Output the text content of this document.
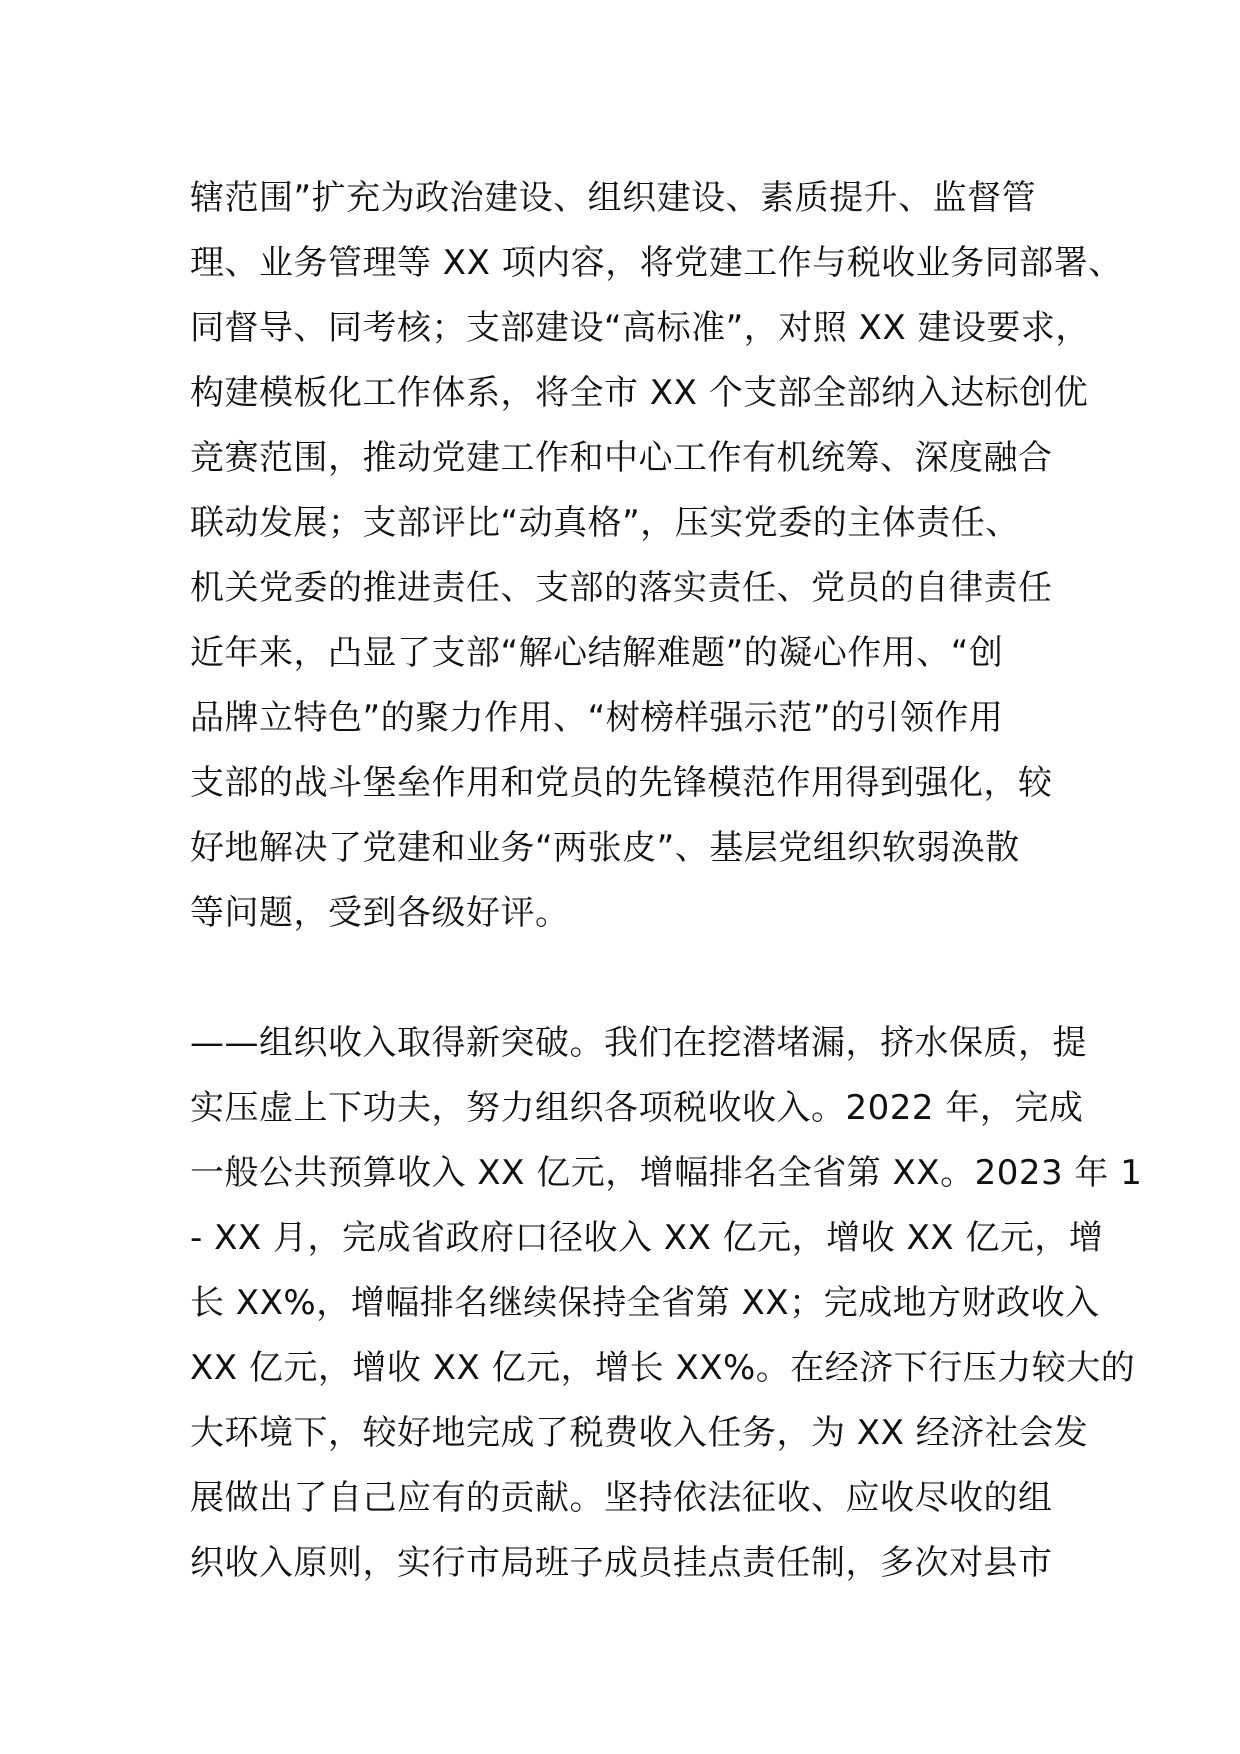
辖范围”扩充为政治建设、组织建设、素质提升、监督管

理、业务管理等 XX 项内容，将党建工作与税收业务同部署、

同督导、同考核；支部建设“高标准”，对照 XX 建设要求，

构建模板化工作体系，将全市 XX 个支部全部纳入达标创优

竞赛范围，推动党建工作和中心工作有机统筹、深度融合

联动发展；支部评比“动真格”，压实党委的主体责任、

机关党委的推进责任、支部的落实责任、党员的自律责任

近年来，凸显了支部“解心结解难题”的凝心作用、“创

品牌立特色”的聚力作用、“树榜样强示范”的引领作用

支部的战斗堡垒作用和党员的先锋模范作用得到强化，较

好地解决了党建和业务“两张皮”、基层党组织软弱涣散

等问题，受到各级好评。

——组织收入取得新突破。我们在挖潜堵漏，挤水保质，提

实压虚上下功夫，努力组织各项税收收入。2022 年，完成

一般公共预算收入 XX 亿元，增幅排名全省第 XX。2023 年 1

- XX 月，完成省政府口径收入 XX 亿元，增收 XX 亿元，增

长 XX%，增幅排名继续保持全省第 XX；完成地方财政收入

XX 亿元，增收 XX 亿元，增长 XX%。在经济下行压力较大的

大环境下，较好地完成了税费收入任务，为 XX 经济社会发

展做出了自己应有的贡献。坚持依法征收、应收尽收的组

织收入原则，实行市局班子成员挂点责任制，多次对县市
